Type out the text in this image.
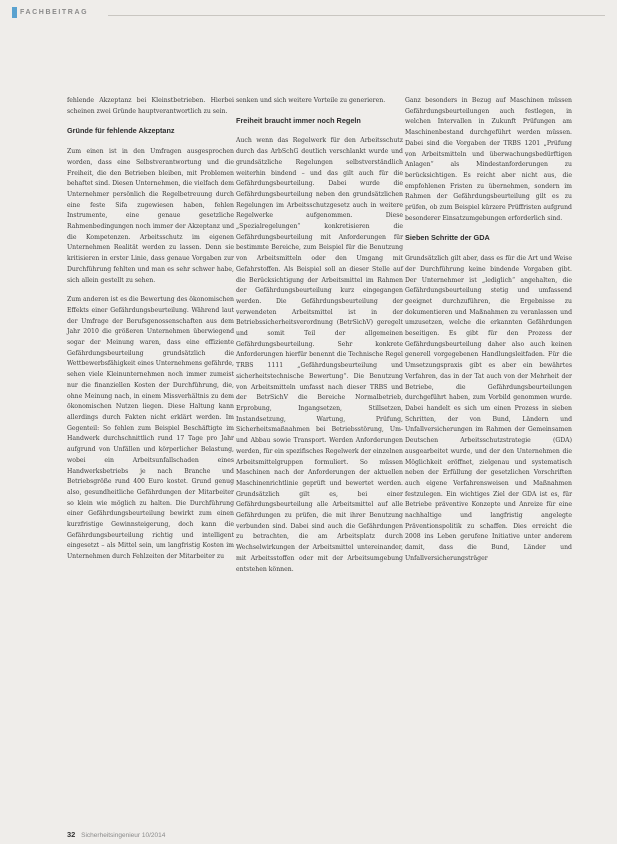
FACHBEITRAG

fehlende Akzeptanz bei Kleinstbetrieben. Hierbei scheinen zwei Gründe hauptverantwortlich zu sein.

Gründe für fehlende Akzeptanz

Zum einen ist in den Umfragen ausgesprochen worden, dass eine Selbstverantwortung und die Freiheit, die den Betrieben bleiben, mit Problemen behaftet sind. Diesen Unternehmen, die vielfach dem Unternehmer persönlich die Regelbetreuung durch eine feste Sifa zugewiesen haben, fehlen Instrumente, eine genaue gesetzliche Rahmenbedingungen noch immer der Akzeptanz und die Kompetenzen. Arbeitsschutz im eigenen Unternehmen Realität werden zu lassen. Denn sie kritisieren in erster Linie, dass genaue Vorgaben zur Durchführung fehlten und man es sehr schwer habe, sich allein gestellt zu sehen.

Zum anderen ist es die Bewertung des ökonomischen Effekts einer Gefährdungsbeurteilung. Während laut der Umfrage der Berufsgenossenschaften aus dem Jahr 2010 die größeren Unternehmen überwiegend sogar der Meinung waren, dass eine effiziente Gefährdungsbeurteilung grundsätzlich die Wettbewerbsfähigkeit eines Unternehmens gefährde, sehen viele Kleinunternehmen noch immer zumeist nur die finanziellen Kosten der Durchführung, die, ohne Meinung nach, in einem Missverhältnis zu dem ökonomischen Nutzen liegen. Diese Haltung kann allerdings durch Fakten nicht erklärt werden. Im Gegenteil: So fehlen zum Beispiel Beschäftigte im Handwerk durchschnittlich rund 17 Tage pro Jahr aufgrund von Unfällen und körperlicher Belastung, wobei ein Arbeitsunfallschaden eines Handwerksbetriebs je nach Branche und Betriebsgröße rund 400 Euro kostet. Grund genug also, gesundheitliche Gefährdungen der Mitarbeiter so klein wie möglich zu halten. Die Durchführung einer Gefährdungsbeurteilung bewirkt zum einen kurzfristige Gewinnsteigerung, doch kann die Gefährdungsbeurteilung richtig und intelligent eingesetzt – als Mittel sein, um langfristig Kosten im Unternehmen durch Fehlzeiten der Mitarbeiter zu

senken und sich weitere Vorteile zu generieren.

Freiheit braucht immer noch Regeln

Auch wenn das Regelwerk für den Arbeitsschutz durch das ArbSchG deutlich verschlankt wurde und grundsätzliche Regelungen selbstverständlich weiterhin bindend – und das gilt auch für die Gefährdungsbeurteilung. Dabei wurde die Gefährdungsbeurteilung neben den grundsätzlichen Regelungen im Arbeitsschutzgesetz auch in weitere Regelwerke aufgenommen. Diese „Spezialregelungen“ konkretisieren die Gefährdungsbeurteilung mit Anforderungen für bestimmte Bereiche, zum Beispiel für die Benutzung von Arbeitsmitteln oder den Umgang mit Gefahrstoffen. Als Beispiel soll an dieser Stelle auf die Berücksichtigung der Arbeitsmittel im Rahmen der Gefährdungsbeurteilung kurz eingegangen werden. Die Gefährdungsbeurteilung der verwendeten Arbeitsmittel ist in der Betriebssicherheitsverordnung (BetrSichV) geregelt und somit Teil der allgemeinen Gefährdungsbeurteilung. Sehr konkrete Anforderungen hierfür benennt die Technische Regel TRBS 1111 „Gefährdungsbeurteilung und sicherheitstechnische Bewertung“. Die Benutzung von Arbeitsmitteln umfasst nach dieser TRBS und der BetrSichV die Bereiche Normalbetrieb, Erprobung, Ingangsetzen, Stillsetzen, Instandsetzung, Wartung, Prüfung, Sicherheitsmaßnahmen bei Betriebsstörung, Um- und Abbau sowie Transport. Werden Anforderungen werden, für ein spezifisches Regelwerk der einzelnen Arbeitsmittelgruppen formuliert. So müssen Maschinen nach der Anforderungen der aktuellen Maschinenrichtlinie geprüft und bewertet werden. Grundsätzlich gilt es, bei einer Gefährdungsbeurteilung alle Arbeitsmittel auf alle Gefährdungen zu prüfen, die mit ihrer Benutzung verbunden sind. Dabei sind auch die Gefährdungen zu betrachten, die am Arbeitsplatz durch Wechselwirkungen der Arbeitsmittel untereinander, mit Arbeitsstoffen oder mit der Arbeitsumgebung entstehen können.

Ganz besonders in Bezug auf Maschinen müssen Gefährdungsbeurteilungen auch festlegen, in welchen Intervallen in Zukunft Prüfungen am Maschinenbestand durchgeführt werden müssen. Dabei sind die Vorgaben der TRBS 1201 „Prüfung von Arbeitsmitteln und überwachungsbedürftigen Anlagen“ als Mindestanforderungen zu berücksichtigen. Es reicht aber nicht aus, die empfohlenen Fristen zu übernehmen, sondern im Rahmen der Gefährdungsbeurteilung gilt es zu prüfen, ob zum Beispiel kürzere Prüffristen aufgrund besonderer Einsatzumgebungen erforderlich sind.

Sieben Schritte der GDA

Grundsätzlich gilt aber, dass es für die Art und Weise der Durchführung keine bindende Vorgaben gibt. Der Unternehmer ist „lediglich“ angehalten, die Gefährdungsbeurteilung stetig und umfassend geeignet durchzuführen, die Ergebnisse zu dokumentieren und Maßnahmen zu veranlassen und umzusetzen, welche die erkannten Gefährdungen beseitigen. Es gibt für den Prozess der Gefährdungsbeurteilung daher also auch keinen generell vorgegebenen Handlungsleitfaden. Für die Umsetzungspraxis gibt es aber ein bewährtes Verfahren, das in der Tat auch von der Mehrheit der Betriebe, die Gefährdungsbeurteilungen durchgeführt haben, zum Vorbild genommen wurde. Dabei handelt es sich um einen Prozess in sieben Schritten, der von Bund, Ländern und Unfallversicherungen im Rahmen der Gemeinsamen Deutschen Arbeitsschutzstrategie (GDA) ausgearbeitet wurde, und der den Unternehmen die Möglichkeit eröffnet, zielgenau und systematisch neben der Erfüllung der gesetzlichen Vorschriften auch eigene Verfahrensweisen und Maßnahmen festzulegen. Ein wichtiges Ziel der GDA ist es, für Betriebe präventive Konzepte und Anreize für eine nachhaltige und langfristig angelegte Präventionspolitik zu schaffen. Dies erreicht die 2008 ins Leben gerufene Initiative unter anderem damit, dass die Bund, Länder und Unfallversicherungsträger

32 Sicherheitsingenieur 10/2014
